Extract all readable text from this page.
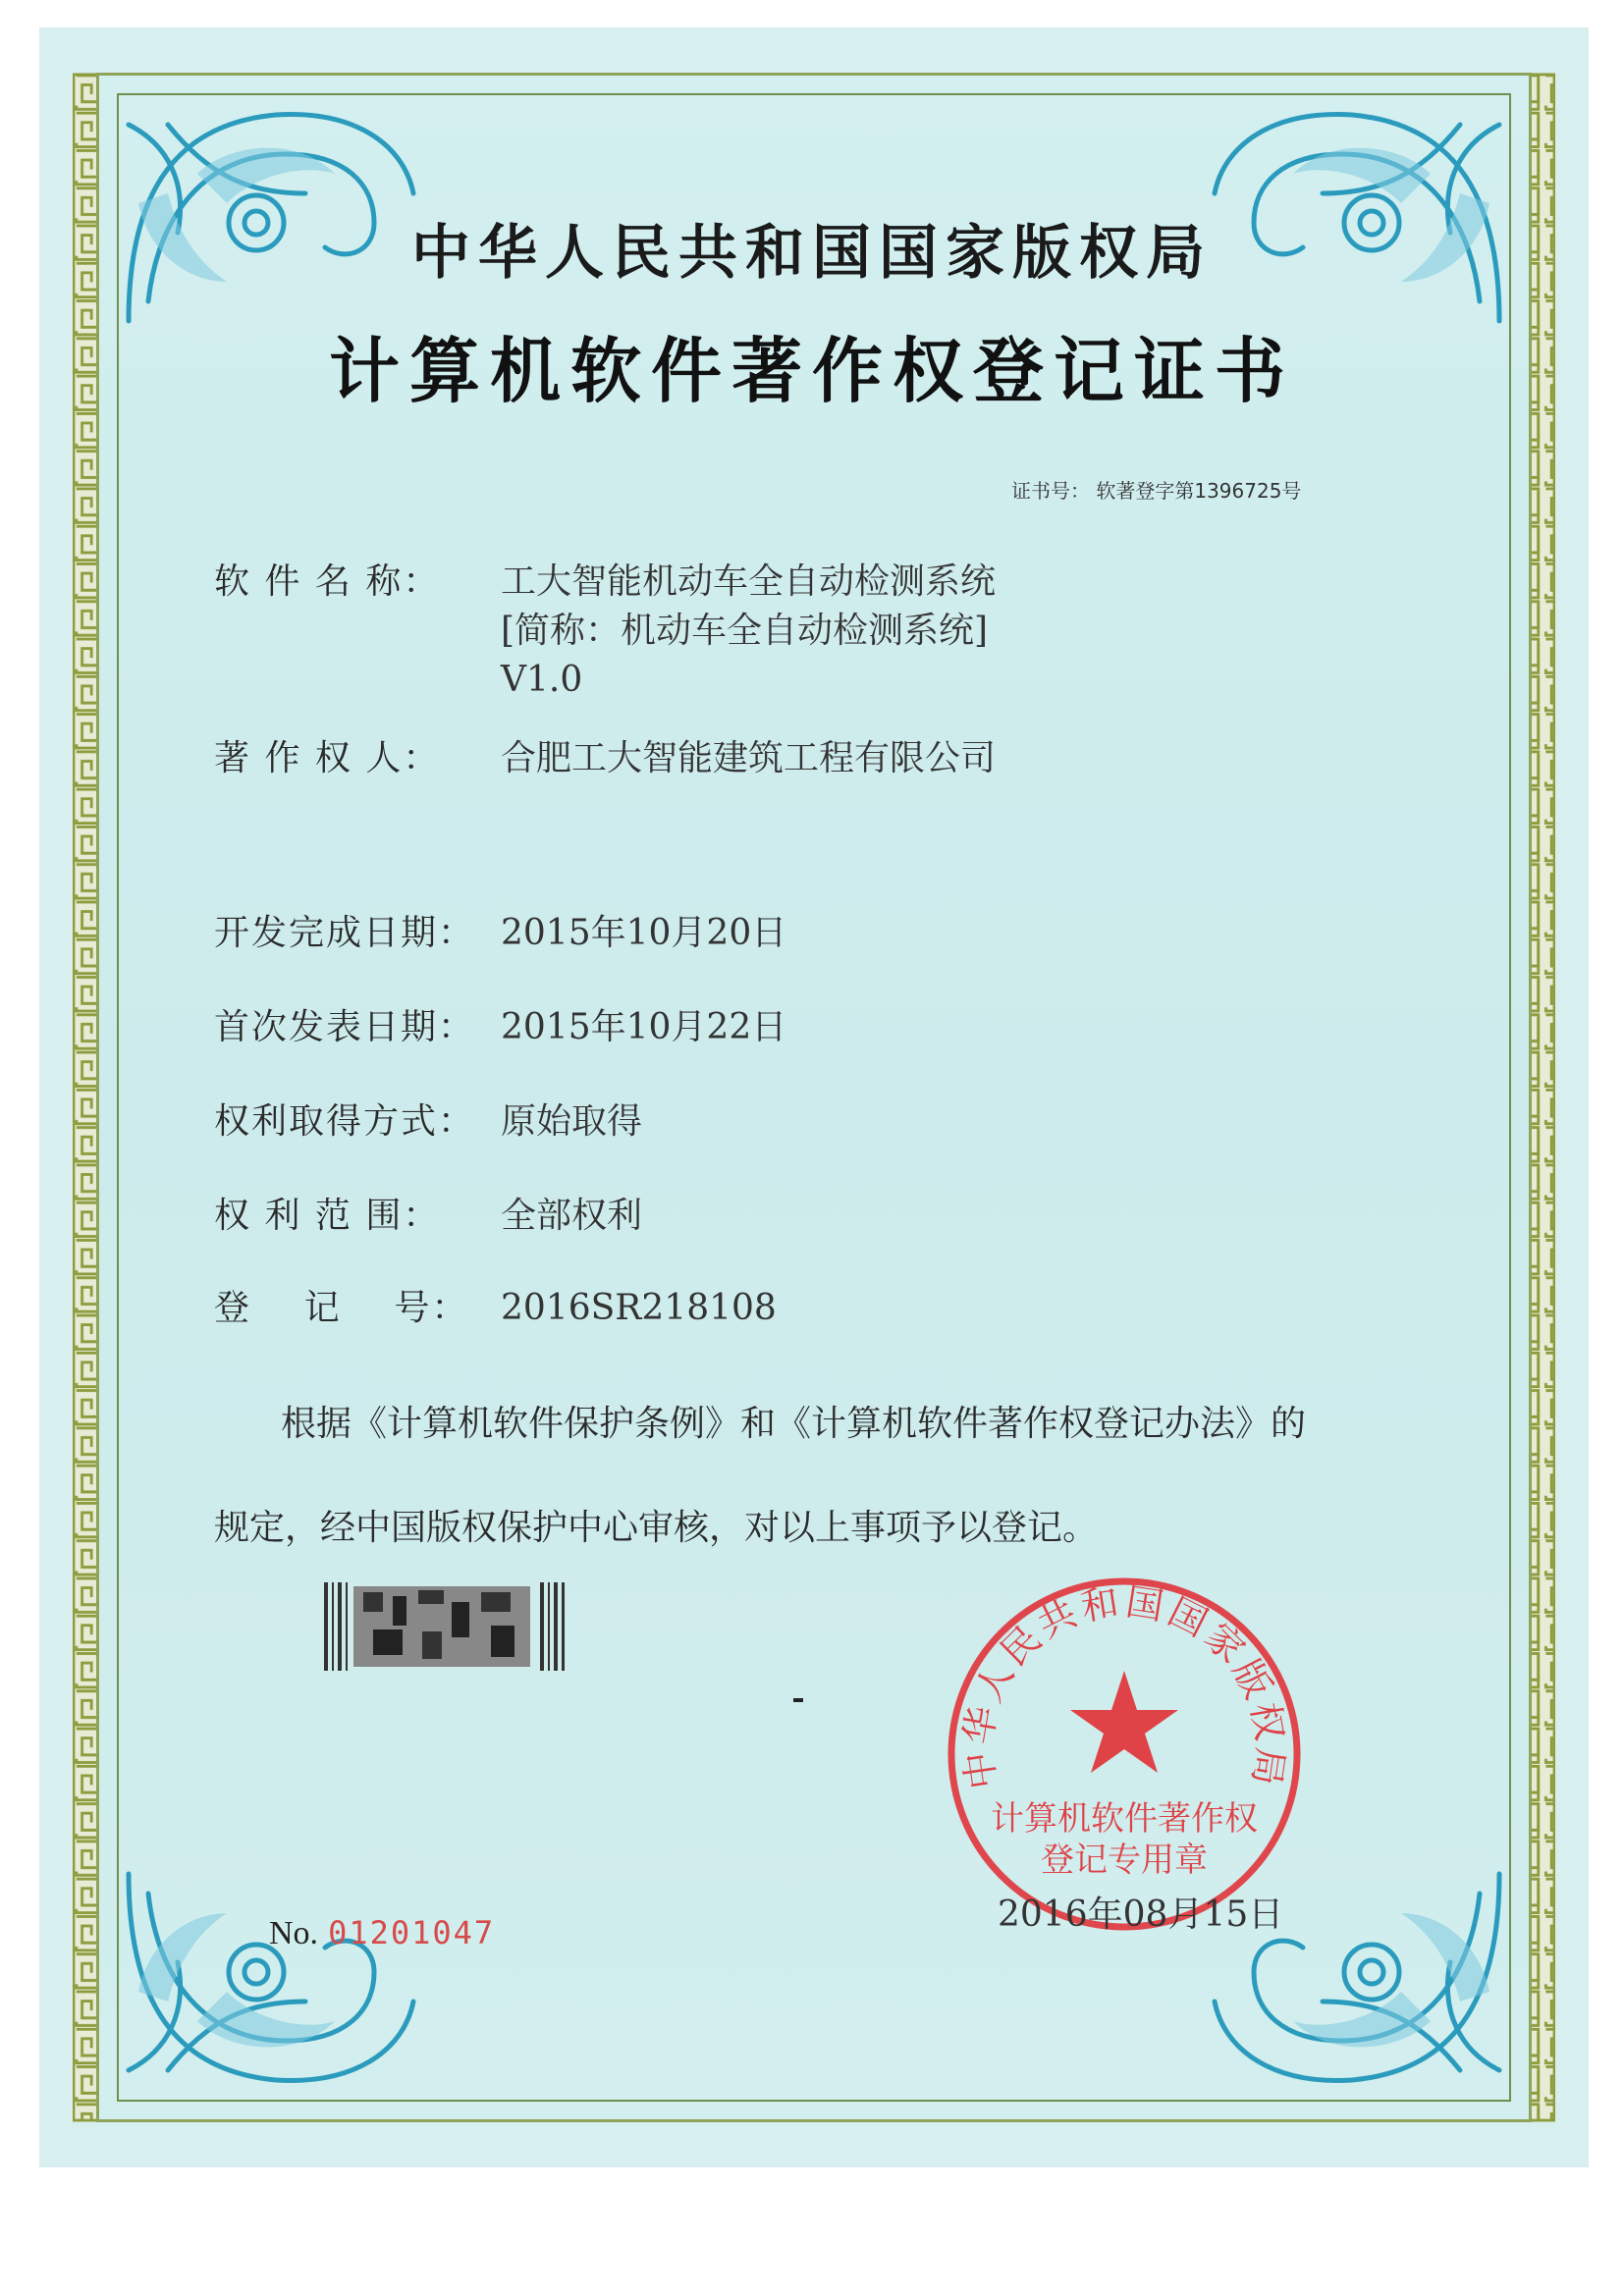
中华人民共和国国家版权局
计算机软件著作权登记证书
证书号： 软著登字第1396725号
软 件 名 称： 工大智能机动车全自动检测系统
[简称：机动车全自动检测系统]
V1.0
著 作 权 人： 合肥工大智能建筑工程有限公司
开发完成日期： 2015年10月20日
首次发表日期： 2015年10月22日
权利取得方式： 原始取得
权 利 范 围： 全部权利
登    记    号： 2016SR218108
根据《计算机软件保护条例》和《计算机软件著作权登记办法》的
规定，经中国版权保护中心审核，对以上事项予以登记。
中华人民共和国国家版权局
计算机软件著作权
登记专用章
2016年08月15日
No. 01201047
